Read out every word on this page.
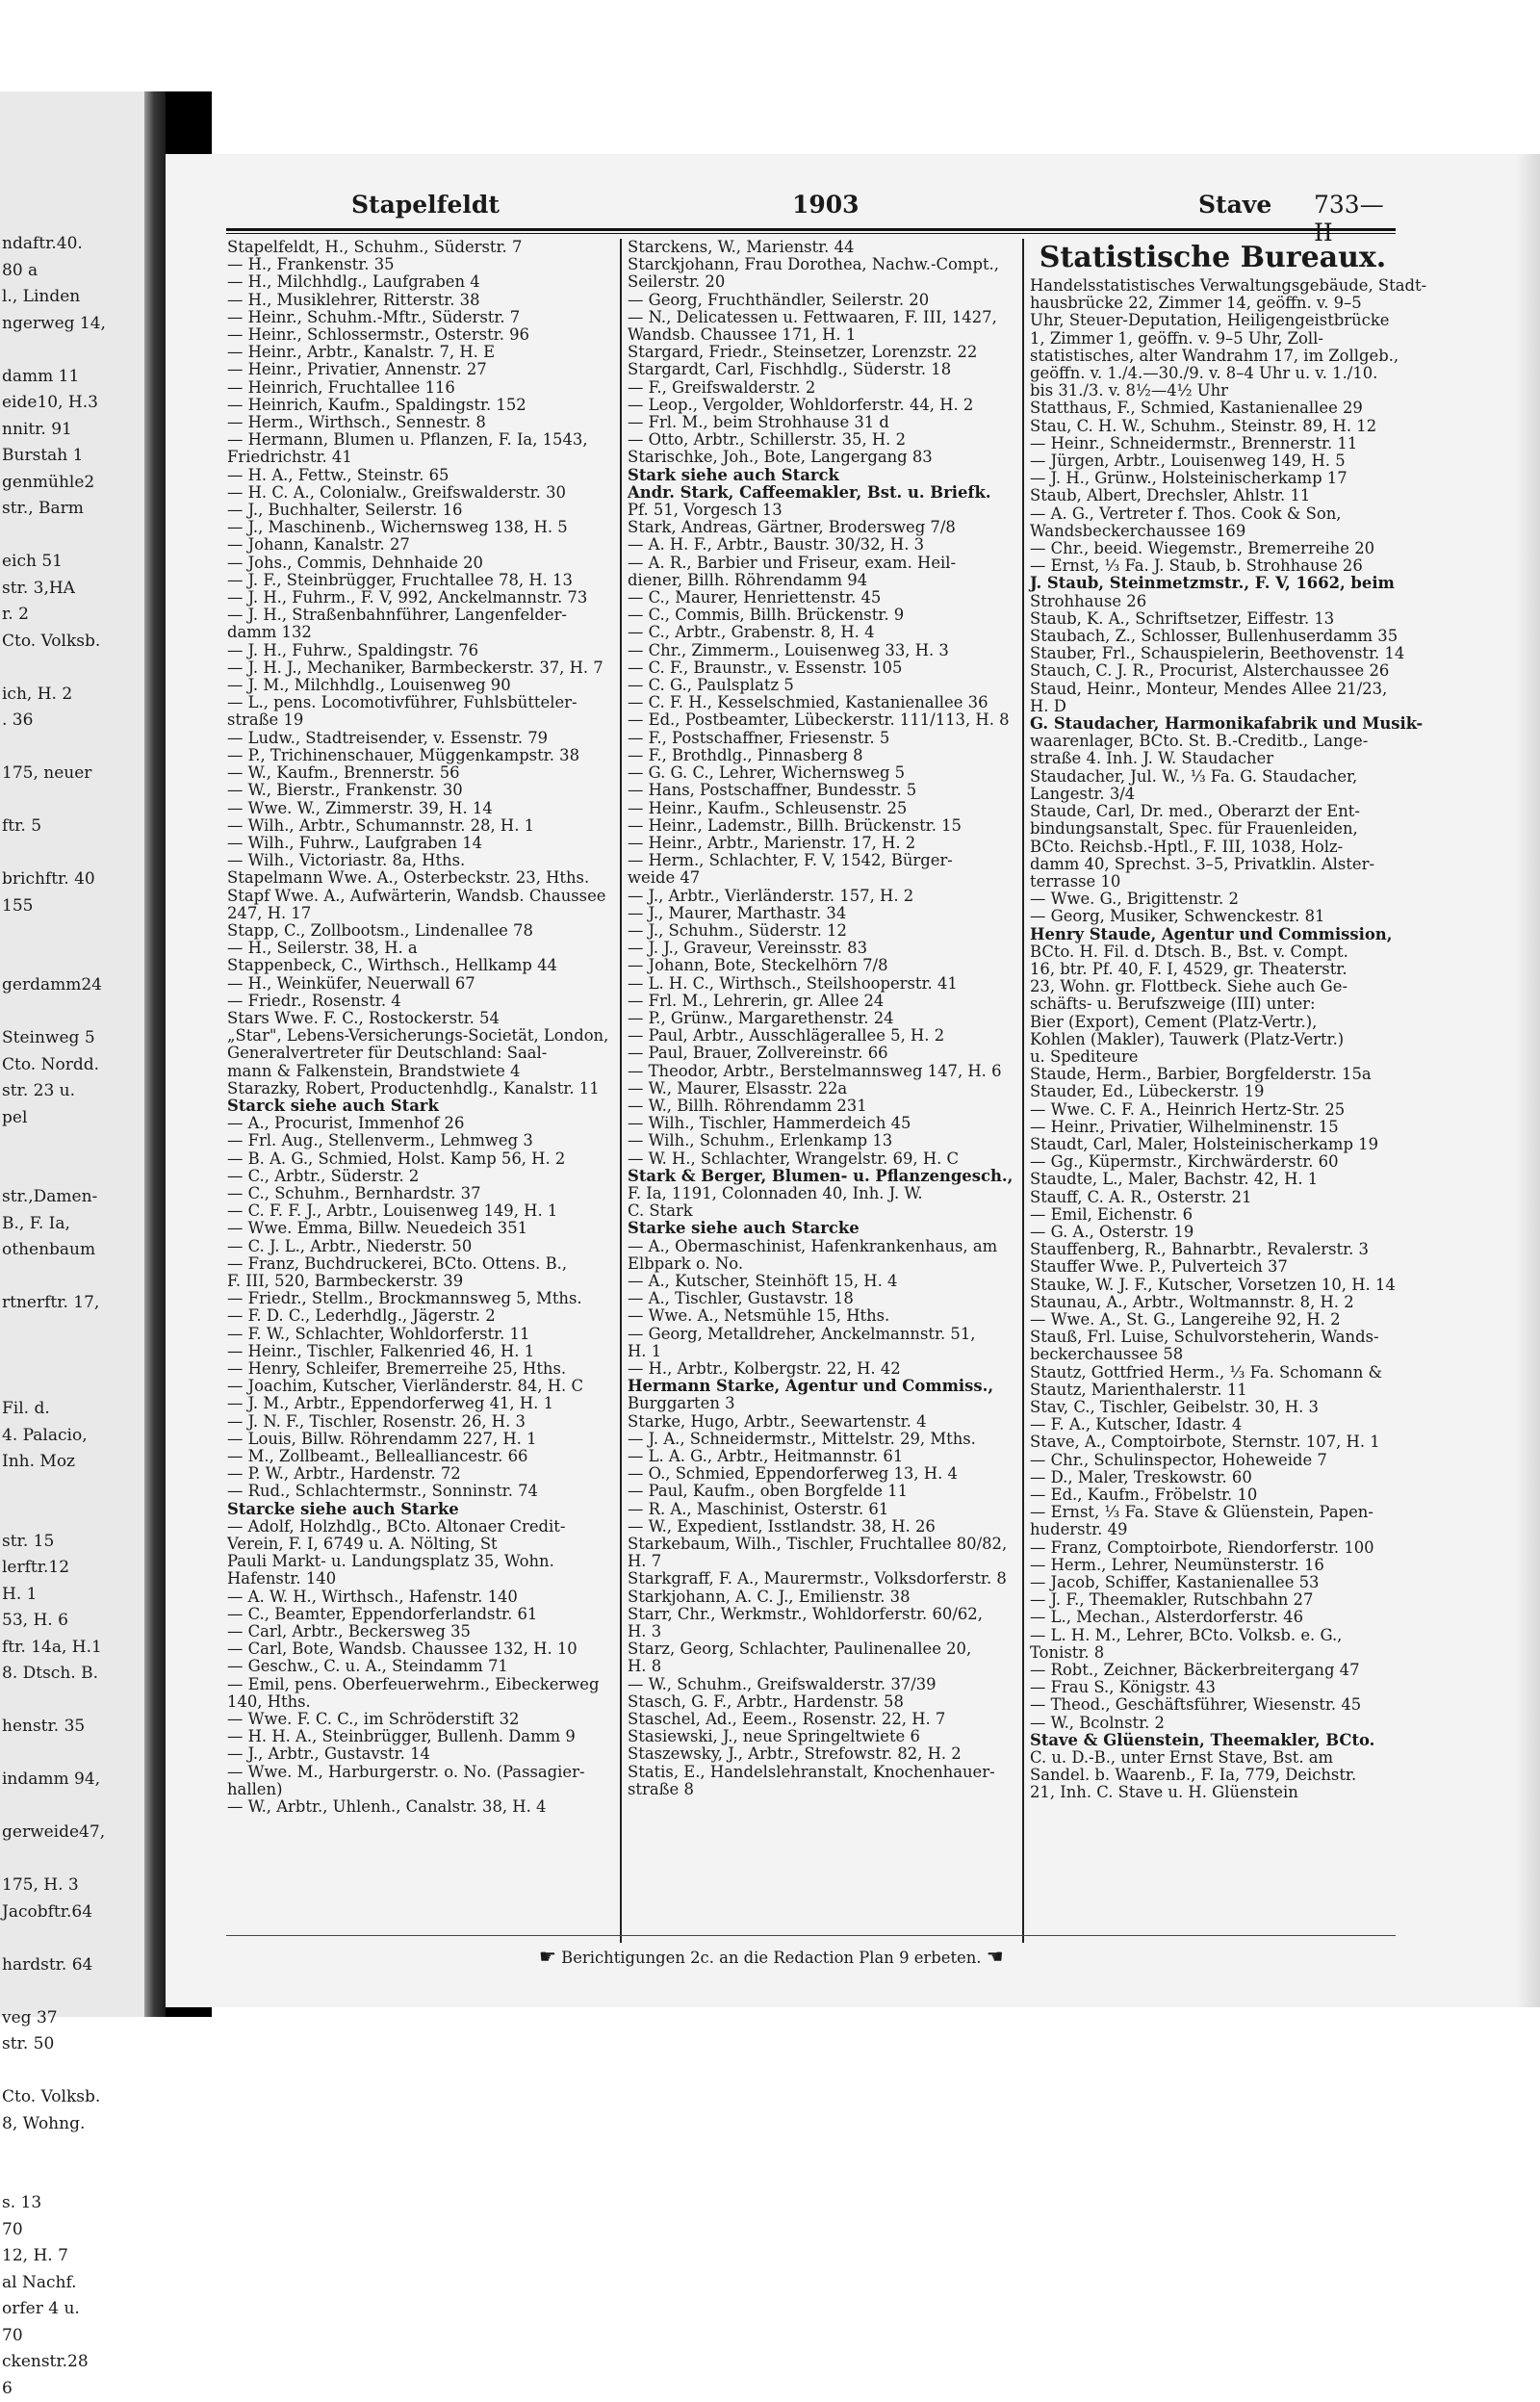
ndaftr.40.
80 a
l., Linden
ngerweg 14,

damm 11
eide10, H.3
nnitr. 91
Burstah 1
genmühle2
str., Barm

eich 51
str. 3,HA
r. 2
Cto. Volksb.

ich, H. 2
. 36

175, neuer

ftr. 5

brichftr. 40
155

gerdamm24

Steinweg 5
Cto. Nordd.
str. 23 u.
pel

str.,Damen-
B., F. Ia,
othenbaum

rtnerftr. 17,

Fil. d.
4. Palacio,
Inh. Moz

str. 15
lerftr.12
H. 1
53, H. 6
ftr. 14a, H.1
8. Dtsch. B.

henstr. 35

indamm 94,

gerweide47,

175, H. 3
Jacobftr.64

hardstr. 64

veg 37
str. 50

Cto. Volksb.
8, Wohng.

s. 13
70
12, H. 7
al Nachf.
orfer 4 u.
70
ckenstr.28
6
Stapelfeldt	1903	Stave 733—
Stapelfeldt, H., Schuhm., Süderstr. 7
— H., Frankenstr. 35
— H., Milchhdlg., Laufgraben 4
— H., Musiklehrer, Ritterstr. 38
— Heinr., Schuhm.-Mftr., Süderstr. 7
— Heinr., Schlossermstr., Osterstr. 96
— Heinr., Arbtr., Kanalstr. 7, H. E
— Heinr., Privatier, Annenstr. 27
— Heinrich, Fruchtallee 116
— Heinrich, Kaufm., Spaldingstr. 152
— Herm., Wirthsch., Sennestr. 8
— Hermann, Blumen u. Pflanzen, F. Ia, 1543,
Friedrichstr. 41
— H. A., Fettw., Steinstr. 65
— H. C. A., Colonialw., Greifswalderstr. 30
— J., Buchhalter, Seilerstr. 16
— J., Maschinenb., Wichernsweg 138, H. 5
— Johann, Kanalstr. 27
— Johs., Commis, Dehnhaide 20
— J. F., Steinbrügger, Fruchtallee 78, H. 13
— J. H., Fuhrm., F. V, 992, Anckelmannstr. 73
— J. H., Straßenbahnführer, Langenfelder-
damm 132
— J. H., Fuhrw., Spaldingstr. 76
— J. H. J., Mechaniker, Barmbeckerstr. 37, H. 7
— J. M., Milchhdlg., Louisenweg 90
— L., pens. Locomotivführer, Fuhlsbütteler-
straße 19
— Ludw., Stadtreisender, v. Essenstr. 79
— P., Trichinenschauer, Müggenkampstr. 38
— W., Kaufm., Brennerstr. 56
— W., Bierstr., Frankenstr. 30
— Wwe. W., Zimmerstr. 39, H. 14
— Wilh., Arbtr., Schumannstr. 28, H. 1
— Wilh., Fuhrw., Laufgraben 14
— Wilh., Victoriastr. 8a, Hths.
Stapelmann Wwe. A., Osterbeckstr. 23, Hths.
Stapf Wwe. A., Aufwärterin, Wandsb. Chaussee
247, H. 17
Stapp, C., Zollbootsm., Lindenallee 78
— H., Seilerstr. 38, H. a
Stappenbeck, C., Wirthsch., Hellkamp 44
— H., Weinküfer, Neuerwall 67
— Friedr., Rosenstr. 4
Stars Wwe. F. C., Rostockerstr. 54
„Star", Lebens-Versicherungs-Societät, London,
Generalvertreter für Deutschland: Saal-
mann & Falkenstein, Brandstwiete 4
Starazky, Robert, Productenhdlg., Kanalstr. 11
Starck siehe auch Stark
— A., Procurist, Immenhof 26
— Frl. Aug., Stellenverm., Lehmweg 3
— B. A. G., Schmied, Holst. Kamp 56, H. 2
— C., Arbtr., Süderstr. 2
— C., Schuhm., Bernhardstr. 37
— C. F. F. J., Arbtr., Louisenweg 149, H. 1
— Wwe. Emma, Billw. Neuedeich 351
— C. J. L., Arbtr., Niederstr. 50
— Franz, Buchdruckerei, BCto. Ottens. B.,
F. III, 520, Barmbeckerstr. 39
— Friedr., Stellm., Brockmannsweg 5, Mths.
— F. D. C., Lederhdlg., Jägerstr. 2
— F. W., Schlachter, Wohldorferstr. 11
— Heinr., Tischler, Falkenried 46, H. 1
— Henry, Schleifer, Bremerreihe 25, Hths.
— Joachim, Kutscher, Vierländerstr. 84, H. C
— J. M., Arbtr., Eppendorferweg 41, H. 1
— J. N. F., Tischler, Rosenstr. 26, H. 3
— Louis, Billw. Röhrendamm 227, H. 1
— M., Zollbeamt., Bellealliancestr. 66
— P. W., Arbtr., Hardenstr. 72
— Rud., Schlachtermstr., Sonninstr. 74
Starcke siehe auch Starke
— Adolf, Holzhdlg., BCto. Altonaer Credit-
Verein, F. I, 6749 u. A. Nölting, St
Pauli Markt- u. Landungsplatz 35, Wohn.
Hafenstr. 140
— A. W. H., Wirthsch., Hafenstr. 140
— C., Beamter, Eppendorferlandstr. 61
— Carl, Arbtr., Beckersweg 35
— Carl, Bote, Wandsb. Chaussee 132, H. 10
— Geschw., C. u. A., Steindamm 71
— Emil, pens. Oberfeuerwehrm., Eibeckerweg
140, Hths.
— Wwe. F. C. C., im Schröderstift 32
— H. H. A., Steinbrügger, Bullenh. Damm 9
— J., Arbtr., Gustavstr. 14
— Wwe. M., Harburgerstr. o. No. (Passagier-
hallen)
— W., Arbtr., Uhlenh., Canalstr. 38, H. 4
Starckens, W., Marienstr. 44
Starckjohann, Frau Dorothea, Nachw.-Compt.,
Seilerstr. 20
— Georg, Fruchthändler, Seilerstr. 20
— N., Delicatessen u. Fettwaaren, F. III, 1427,
Wandsb. Chaussee 171, H. 1
Stargard, Friedr., Steinsetzer, Lorenzstr. 22
Stargardt, Carl, Fischhdlg., Süderstr. 18
— F., Greifswalderstr. 2
— Leop., Vergolder, Wohldorferstr. 44, H. 2
— Frl. M., beim Strohhause 31 d
— Otto, Arbtr., Schillerstr. 35, H. 2
Starischke, Joh., Bote, Langergang 83
Stark siehe auch Starck
Andr. Stark, Caffeemakler, Bst. u. Briefk.
Pf. 51, Vorgesch 13
Stark, Andreas, Gärtner, Brodersweg 7/8
— A. H. F., Arbtr., Baustr. 30/32, H. 3
— A. R., Barbier und Friseur, exam. Heil-
diener, Billh. Röhrendamm 94
— C., Maurer, Henriettenstr. 45
— C., Commis, Billh. Brückenstr. 9
— C., Arbtr., Grabenstr. 8, H. 4
— Chr., Zimmerm., Louisenweg 33, H. 3
— C. F., Braunstr., v. Essenstr. 105
— C. G., Paulsplatz 5
— C. F. H., Kesselschmied, Kastanienallee 36
— Ed., Postbeamter, Lübeckerstr. 111/113, H. 8
— F., Postschaffner, Friesenstr. 5
— F., Brothdlg., Pinnasberg 8
— G. G. C., Lehrer, Wichernsweg 5
— Hans, Postschaffner, Bundesstr. 5
— Heinr., Kaufm., Schleusenstr. 25
— Heinr., Lademstr., Billh. Brückenstr. 15
— Heinr., Arbtr., Marienstr. 17, H. 2
— Herm., Schlachter, F. V, 1542, Bürger-
weide 47
— J., Arbtr., Vierländerstr. 157, H. 2
— J., Maurer, Marthastr. 34
— J., Schuhm., Süderstr. 12
— J. J., Graveur, Vereinsstr. 83
— Johann, Bote, Steckelhörn 7/8
— L. H. C., Wirthsch., Steilshooperstr. 41
— Frl. M., Lehrerin, gr. Allee 24
— P., Grünw., Margarethenstr. 24
— Paul, Arbtr., Ausschlägerallee 5, H. 2
— Paul, Brauer, Zollvereinstr. 66
— Theodor, Arbtr., Berstelmannsweg 147, H. 6
— W., Maurer, Elsasstr. 22a
— W., Billh. Röhrendamm 231
— Wilh., Tischler, Hammerdeich 45
— Wilh., Schuhm., Erlenkamp 13
— W. H., Schlachter, Wrangelstr. 69, H. C
Stark & Berger, Blumen- u. Pflanzengesch.,
F. Ia, 1191, Colonnaden 40, Inh. J. W.
C. Stark
Starke siehe auch Starcke
— A., Obermaschinist, Hafenkrankenhaus, am
Elbpark o. No.
— A., Kutscher, Steinhöft 15, H. 4
— A., Tischler, Gustavstr. 18
— Wwe. A., Netsmühle 15, Hths.
— Georg, Metalldreher, Anckelmannstr. 51,
H. 1
— H., Arbtr., Kolbergstr. 22, H. 42
Hermann Starke, Agentur und Commiss.,
Burggarten 3
Starke, Hugo, Arbtr., Seewartenstr. 4
— J. A., Schneidermstr., Mittelstr. 29, Mths.
— L. A. G., Arbtr., Heitmannstr. 61
— O., Schmied, Eppendorferweg 13, H. 4
— Paul, Kaufm., oben Borgfelde 11
— R. A., Maschinist, Osterstr. 61
— W., Expedient, Isstlandstr. 38, H. 26
Starkebaum, Wilh., Tischler, Fruchtallee 80/82,
H. 7
Starkgraff, F. A., Maurermstr., Volksdorferstr. 8
Starkjohann, A. C. J., Emilienstr. 38
Starr, Chr., Werkmstr., Wohldorferstr. 60/62,
H. 3
Starz, Georg, Schlachter, Paulinenallee 20,
H. 8
— W., Schuhm., Greifswalderstr. 37/39
Stasch, G. F., Arbtr., Hardenstr. 58
Staschel, Ad., Eeem., Rosenstr. 22, H. 7
Stasiewski, J., neue Springeltwiete 6
Staszewsky, J., Arbtr., Strefowstr. 82, H. 2
Statis, E., Handelslehranstalt, Knochenhauer-
straße 8
Statistische Bureaux.
Handelsstatistisches Verwaltungsgebäude, Stadt-
hausbrücke 22, Zimmer 14, geöffn. v. 9–5
Uhr, Steuer-Deputation, Heiligengeistbrücke
1, Zimmer 1, geöffn. v. 9–5 Uhr, Zoll-
statistisches, alter Wandrahm 17, im Zollgeb.,
geöffn. v. 1./4.—30./9. v. 8–4 Uhr u. v. 1./10.
bis 31./3. v. 8½—4½ Uhr
Statthaus, F., Schmied, Kastanienallee 29
Stau, C. H. W., Schuhm., Steinstr. 89, H. 12
— Heinr., Schneidermstr., Brennerstr. 11
— Jürgen, Arbtr., Louisenweg 149, H. 5
— J. H., Grünw., Holsteinischerkamp 17
Staub, Albert, Drechsler, Ahlstr. 11
— A. G., Vertreter f. Thos. Cook & Son,
Wandsbeckerchaussee 169
— Chr., beeid. Wiegemstr., Bremerreihe 20
— Ernst, ⅓ Fa. J. Staub, b. Strohhause 26
J. Staub, Steinmetzmstr., F. V, 1662, beim
Strohhause 26
Staub, K. A., Schriftsetzer, Eiffestr. 13
Staubach, Z., Schlosser, Bullenhuserdamm 35
Stauber, Frl., Schauspielerin, Beethovenstr. 14
Stauch, C. J. R., Procurist, Alsterchaussee 26
Staud, Heinr., Monteur, Mendes Allee 21/23,
H. D
G. Staudacher, Harmonikafabrik und Musik-
waarenlager, BCto. St. B.-Creditb., Lange-
straße 4. Inh. J. W. Staudacher
Staudacher, Jul. W., ⅓ Fa. G. Staudacher,
Langestr. 3/4
Staude, Carl, Dr. med., Oberarzt der Ent-
bindungsanstalt, Spec. für Frauenleiden,
BCto. Reichsb.-Hptl., F. III, 1038, Holz-
damm 40, Sprechst. 3–5, Privatklin. Alster-
terrasse 10
— Wwe. G., Brigittenstr. 2
— Georg, Musiker, Schwenckestr. 81
Henry Staude, Agentur und Commission,
BCto. H. Fil. d. Dtsch. B., Bst. v. Compt.
16, btr. Pf. 40, F. I, 4529, gr. Theaterstr.
23, Wohn. gr. Flottbeck. Siehe auch Ge-
schäfts- u. Berufszweige (III) unter:
Bier (Export), Cement (Platz-Vertr.),
Kohlen (Makler), Tauwerk (Platz-Vertr.)
u. Spediteure
Staude, Herm., Barbier, Borgfelderstr. 15a
Stauder, Ed., Lübeckerstr. 19
— Wwe. C. F. A., Heinrich Hertz-Str. 25
— Heinr., Privatier, Wilhelminenstr. 15
Staudt, Carl, Maler, Holsteinischerkamp 19
— Gg., Küpermstr., Kirchwärderstr. 60
Staudte, L., Maler, Bachstr. 42, H. 1
Stauff, C. A. R., Osterstr. 21
— Emil, Eichenstr. 6
— G. A., Osterstr. 19
Stauffenberg, R., Bahnarbtr., Revalerstr. 3
Stauffer Wwe. P., Pulverteich 37
Stauke, W. J. F., Kutscher, Vorsetzen 10, H. 14
Staunau, A., Arbtr., Woltmannstr. 8, H. 2
— Wwe. A., St. G., Langereihe 92, H. 2
Stauß, Frl. Luise, Schulvorsteherin, Wands-
beckerchaussee 58
Stautz, Gottfried Herm., ⅓ Fa. Schomann &
Stautz, Marienthalerstr. 11
Stav, C., Tischler, Geibelstr. 30, H. 3
— F. A., Kutscher, Idastr. 4
Stave, A., Comptoirbote, Sternstr. 107, H. 1
— Chr., Schulinspector, Hoheweide 7
— D., Maler, Treskowstr. 60
— Ed., Kaufm., Fröbelstr. 10
— Ernst, ⅓ Fa. Stave & Glüenstein, Papen-
huderstr. 49
— Franz, Comptoirbote, Riendorferstr. 100
— Herm., Lehrer, Neumünsterstr. 16
— Jacob, Schiffer, Kastanienallee 53
— J. F., Theemakler, Rutschbahn 27
— L., Mechan., Alsterdorferstr. 46
— L. H. M., Lehrer, BCto. Volksb. e. G.,
Tonistr. 8
— Robt., Zeichner, Bäckerbreitergang 47
— Frau S., Königstr. 43
— Theod., Geschäftsführer, Wiesenstr. 45
— W., Bcolnstr. 2
Stave & Glüenstein, Theemakler, BCto.
C. u. D.-B., unter Ernst Stave, Bst. am
Sandel. b. Waarenb., F. Ia, 779, Deichstr.
21, Inh. C. Stave u. H. Glüenstein
☛ Berichtigungen 2c. an die Redaction Plan 9 erbeten. ☚
